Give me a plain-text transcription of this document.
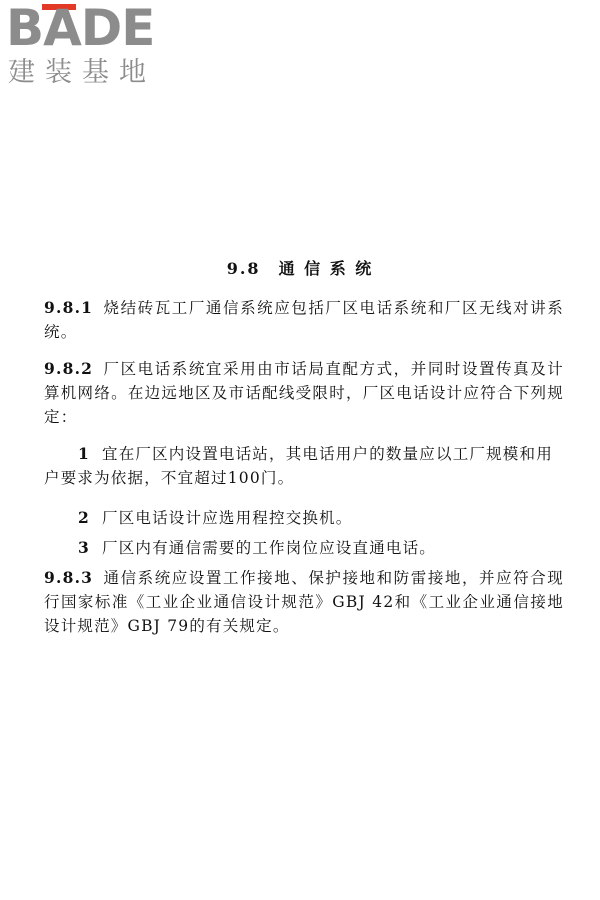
BADE
建装基地
9.8 通 信 系 统
9.8.1 烧结砖瓦工厂通信系统应包括厂区电话系统和厂区无线对讲系统。
9.8.2 厂区电话系统宜采用由市话局直配方式，并同时设置传真及计算机网络。在边远地区及市话配线受限时，厂区电话设计应符合下列规定：
1 宜在厂区内设置电话站，其电话用户的数量应以工厂规模和用户要求为依据，不宜超过100门。
2 厂区电话设计应选用程控交换机。
3 厂区内有通信需要的工作岗位应设直通电话。
9.8.3 通信系统应设置工作接地、保护接地和防雷接地，并应符合现行国家标准《工业企业通信设计规范》GBJ 42和《工业企业通信接地设计规范》GBJ 79的有关规定。
